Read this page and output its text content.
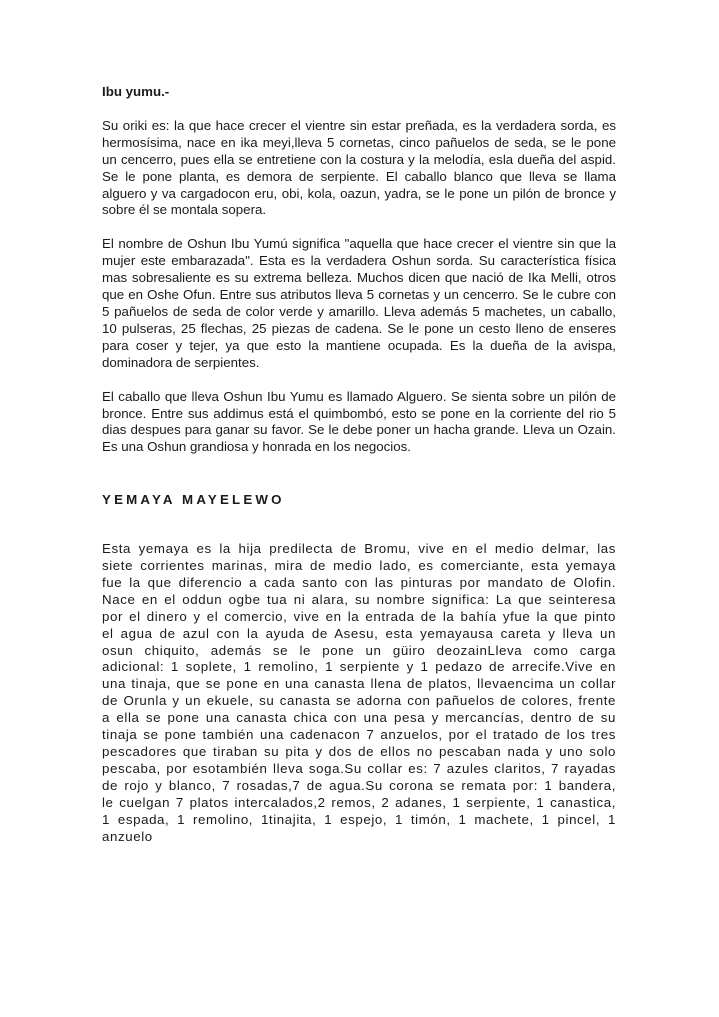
Ibu yumu.-

Su oriki es: la que hace crecer el vientre sin estar preñada, es la verdadera sorda, es hermosísima, nace en ika meyi,lleva 5 cornetas, cinco pañuelos de seda, se le pone un cencerro, pues ella se entretiene con la costura y la melodía, esla dueña del aspid. Se le pone planta, es demora de serpiente. El caballo blanco que lleva se llama alguero y va cargadocon eru, obi, kola, oazun, yadra, se le pone un pilón de bronce y sobre él se montala sopera.

El nombre de Oshun Ibu Yumú significa "aquella que hace crecer el vientre sin que la mujer este embarazada". Esta es la verdadera Oshun sorda. Su característica física mas sobresaliente es su extrema belleza. Muchos dicen que nació de Ika Melli, otros que en Oshe Ofun. Entre sus atributos lleva 5 cornetas y un cencerro. Se le cubre con 5 pañuelos de seda de color verde y amarillo. Lleva además 5 machetes, un caballo, 10 pulseras, 25 flechas, 25 piezas de cadena. Se le pone un cesto lleno de enseres para coser y tejer, ya que esto la mantiene ocupada. Es la dueña de la avispa, dominadora de serpientes.

El caballo que lleva Oshun Ibu Yumu es llamado Alguero. Se sienta sobre un pilón de bronce. Entre sus addimus está el quimbombó, esto se pone en la corriente del rio 5 dias despues para ganar su favor. Se le debe poner un hacha grande. Lleva un Ozain. Es una Oshun grandiosa y honrada en los negocios.

YEMAYA MAYELEWO

Esta yemaya es la hija predilecta de Bromu, vive en el medio delmar, las siete corrientes marinas, mira de medio lado, es comerciante, esta yemaya fue la que diferencio a cada santo con las pinturas por mandato de Olofin. Nace en el oddun ogbe tua ni alara, su nombre significa: La que seinteresa por el dinero y el comercio, vive en la entrada de la bahía yfue la que pinto el agua de azul con la ayuda de Asesu, esta yemayausa careta y lleva un osun chiquito, además se le pone un güiro deozainLleva como carga adicional: 1 soplete, 1 remolino, 1 serpiente y 1 pedazo de arrecife.Vive en una tinaja, que se pone en una canasta llena de platos, llevaencima un collar de Orunla y un ekuele, su canasta se adorna con pañuelos de colores, frente a ella se pone una canasta chica con una pesa y mercancías, dentro de su tinaja se pone también una cadenacon 7 anzuelos, por el tratado de los tres pescadores que tiraban su pita y dos de ellos no pescaban nada y uno solo pescaba, por esotambién lleva soga.Su collar es: 7 azules claritos, 7 rayadas de rojo y blanco, 7 rosadas,7 de agua.Su corona se remata por: 1 bandera, le cuelgan 7 platos intercalados,2 remos, 2 adanes, 1 serpiente, 1 canastica, 1 espada, 1 remolino, 1tinajita, 1 espejo, 1 timón, 1 machete, 1 pincel, 1 anzuelo
